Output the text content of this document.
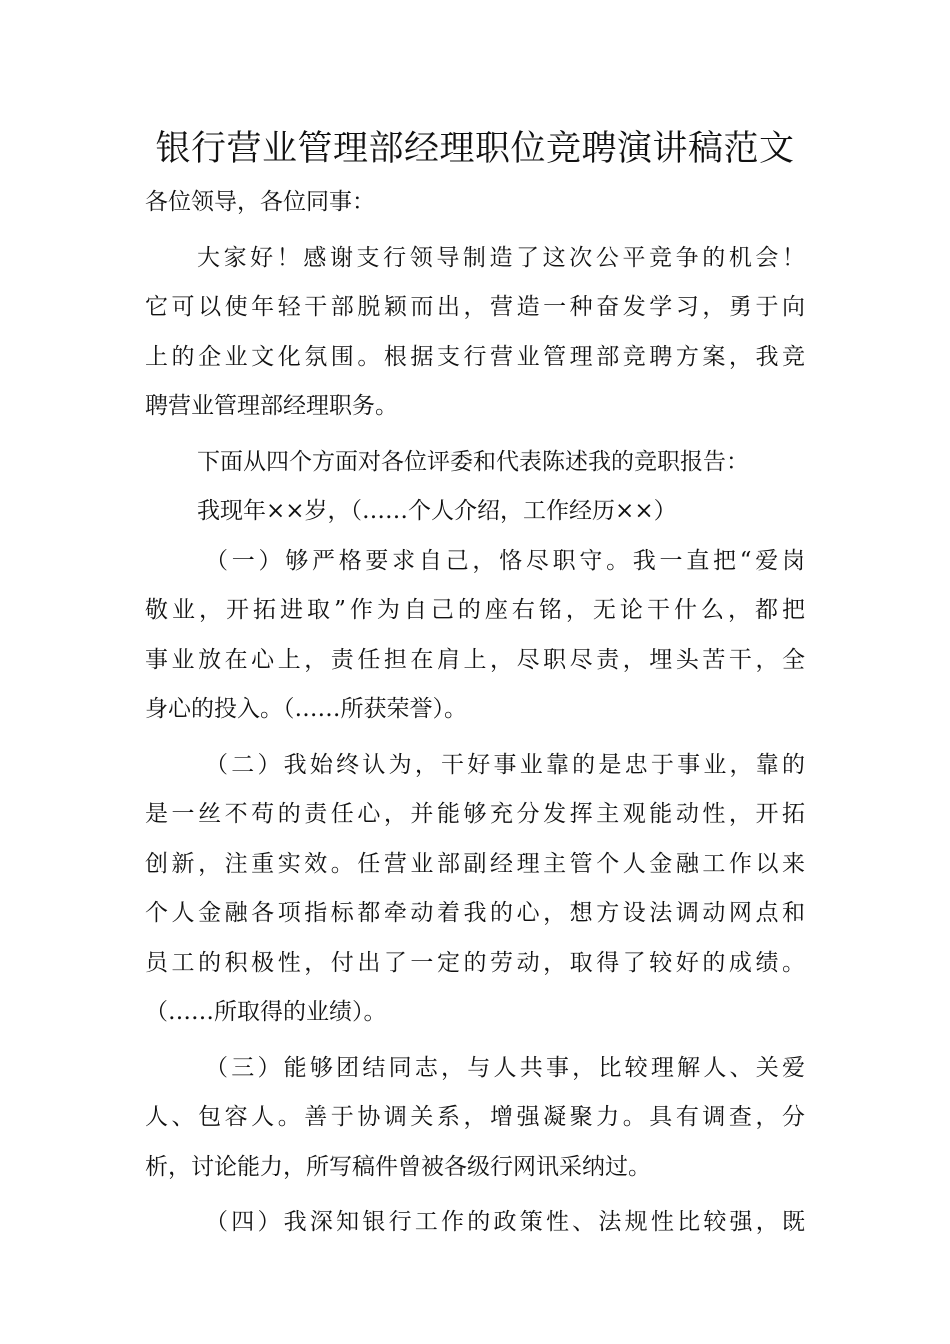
银行营业管理部经理职位竞聘演讲稿范文

各位领导，各位同事：

大家好！感谢支行领导制造了这次公平竞争的机会！

它可以使年轻干部脱颖而出，营造一种奋发学习，勇于向

上的企业文化氛围。根据支行营业管理部竞聘方案，我竞

聘营业管理部经理职务。

下面从四个方面对各位评委和代表陈述我的竞职报告：

我现年××岁，（……个人介绍，工作经历××）

（一）够严格要求自己，恪尽职守。我一直把“爱岗

敬业，开拓进取”作为自己的座右铭，无论干什么，都把

事业放在心上，责任担在肩上，尽职尽责，埋头苦干，全

身心的投入。（……所获荣誉）。

（二）我始终认为，干好事业靠的是忠于事业，靠的

是一丝不苟的责任心，并能够充分发挥主观能动性，开拓

创新，注重实效。任营业部副经理主管个人金融工作以来

个人金融各项指标都牵动着我的心，想方设法调动网点和

员工的积极性，付出了一定的劳动，取得了较好的成绩。

（……所取得的业绩）。

（三）能够团结同志，与人共事，比较理解人、关爱

人、包容人。善于协调关系，增强凝聚力。具有调查，分

析，讨论能力，所写稿件曾被各级行网讯采纳过。

（四）我深知银行工作的政策性、法规性比较强，既
